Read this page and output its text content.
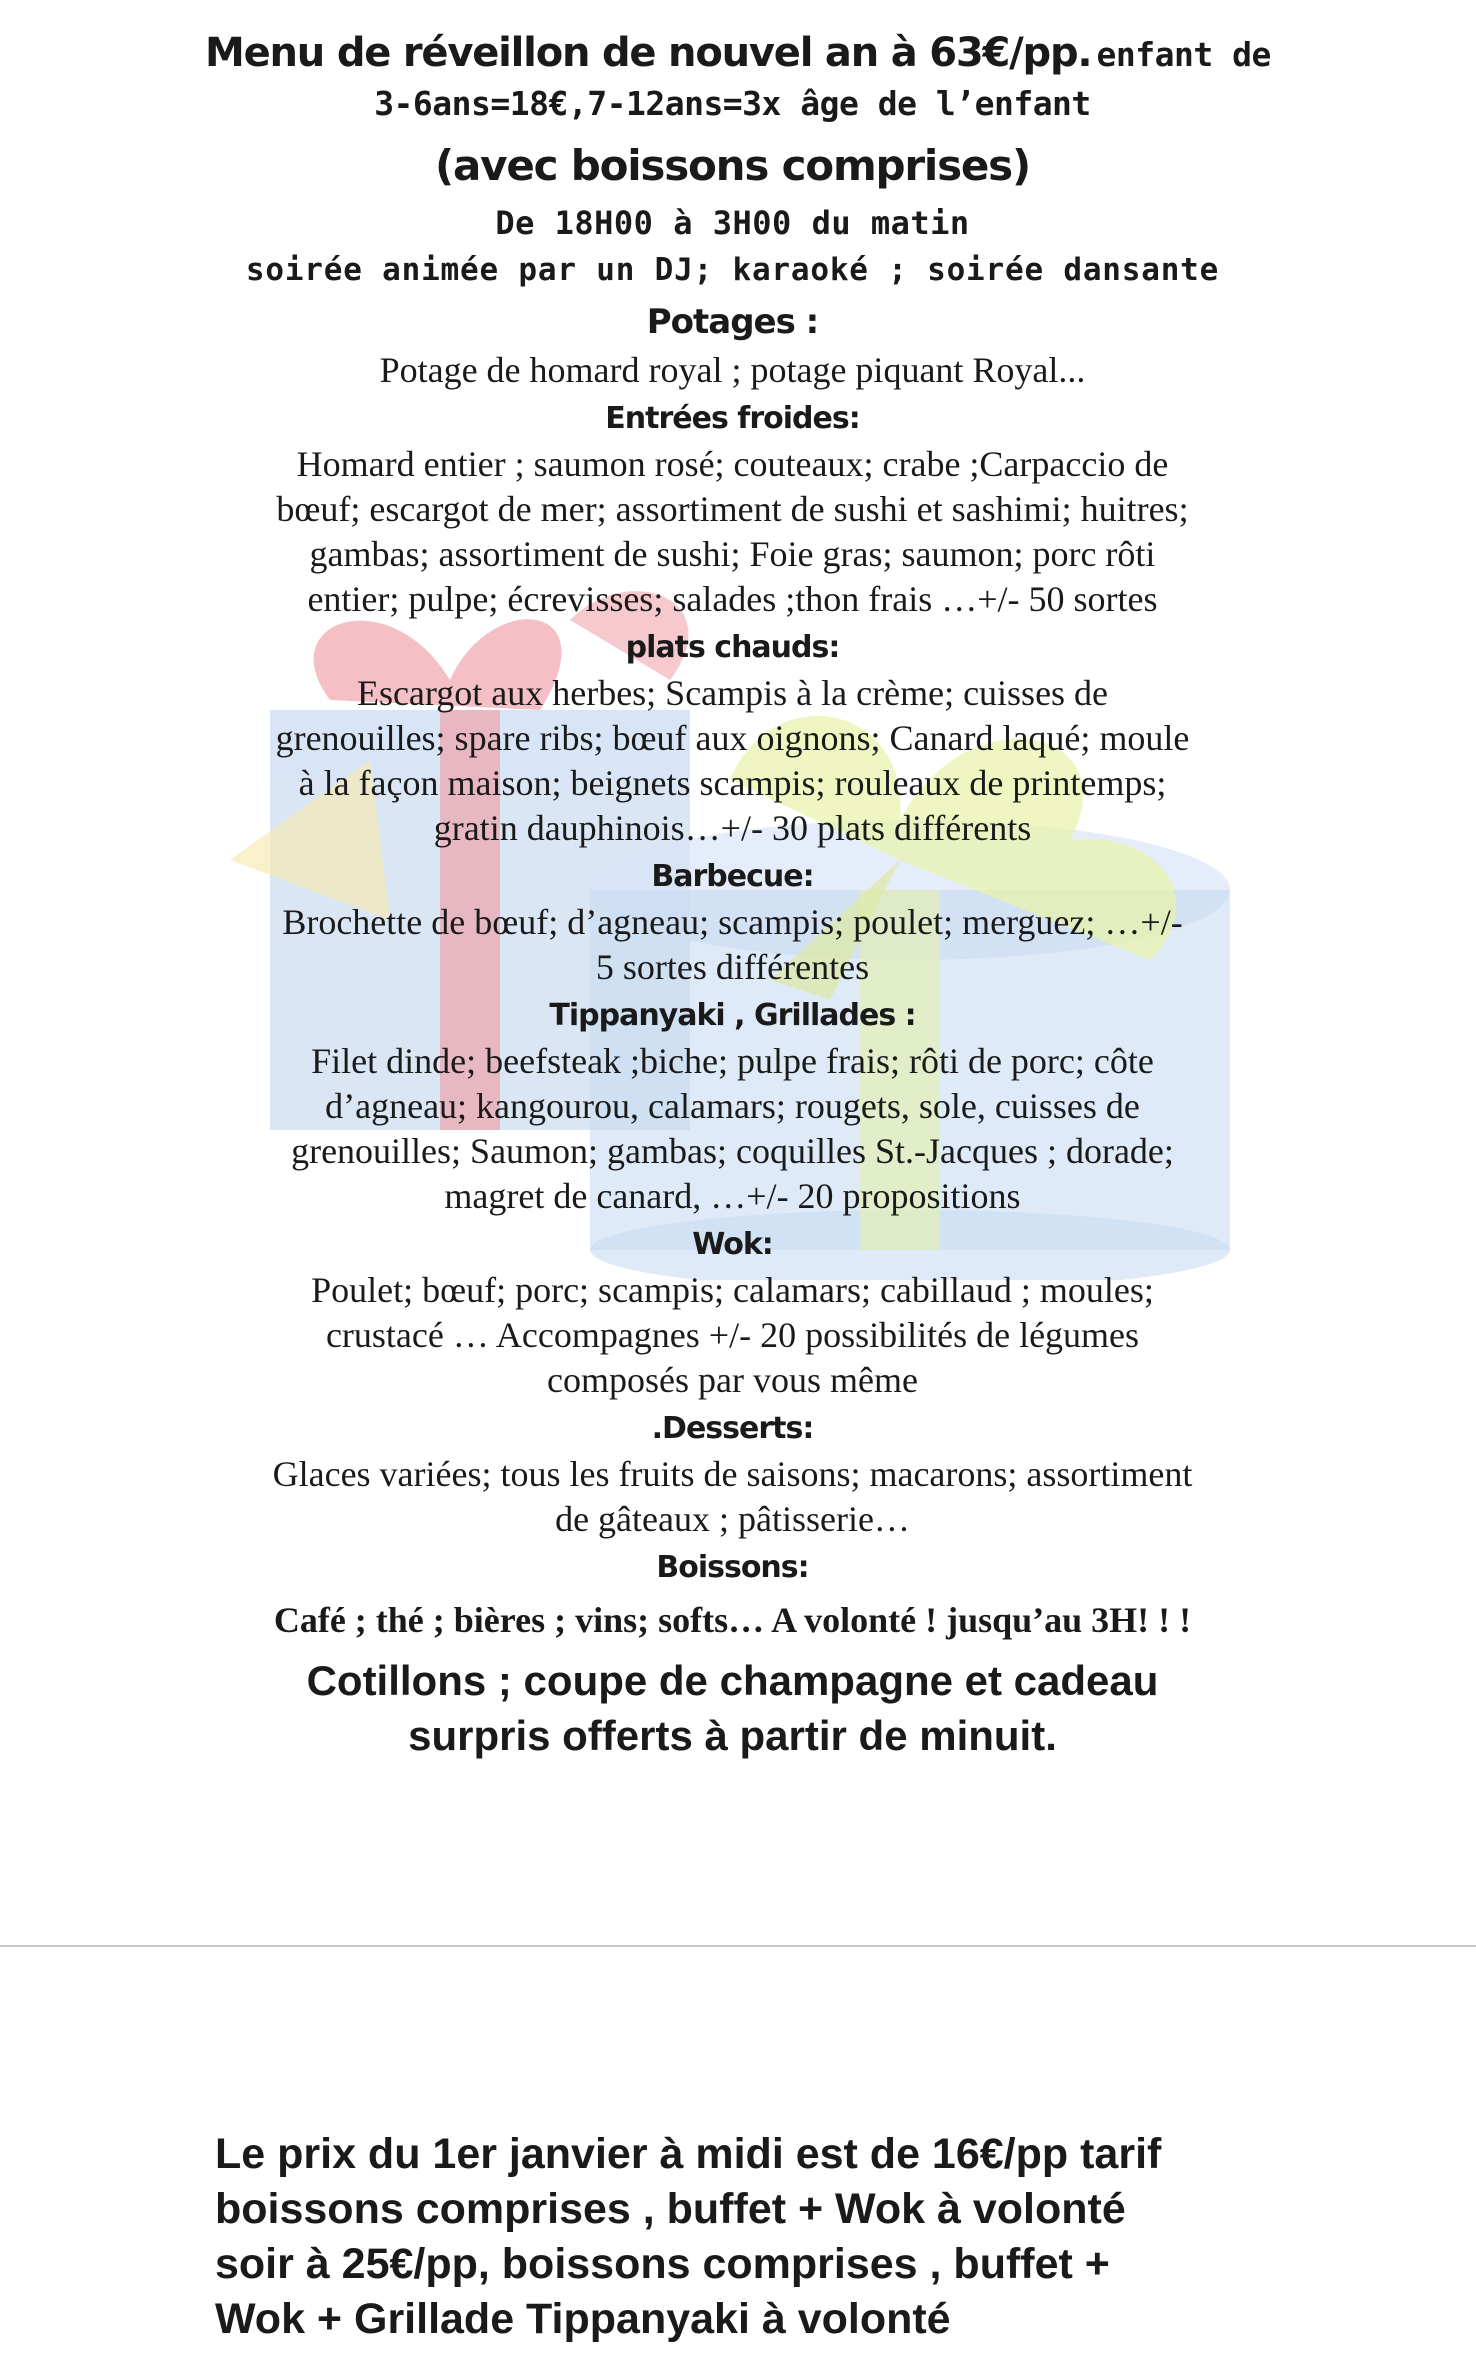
Menu de réveillon de nouvel an à 63€/pp. enfant de
3-6ans=18€,7-12ans=3x âge de l’enfant
(avec boissons comprises)
De 18H00 à 3H00 du matin
soirée animée par un DJ; karaoké ; soirée dansante
Potages :
Potage de homard royal ; potage piquant Royal...
Entrées froides:
Homard entier ; saumon rosé; couteaux; crabe ;Carpaccio de
bœuf; escargot de mer; assortiment de sushi et sashimi; huitres;
gambas; assortiment de sushi; Foie gras; saumon; porc rôti
entier; pulpe; écrevisses; salades ;thon frais …+/- 50 sortes
plats chauds:
Escargot aux herbes; Scampis à la crème; cuisses de
grenouilles; spare ribs; bœuf aux oignons; Canard laqué; moule
à la façon maison; beignets scampis; rouleaux de printemps;
gratin dauphinois…+/- 30 plats différents
Barbecue:
Brochette de bœuf; d’agneau; scampis; poulet; merguez; …+/-
5 sortes différentes
Tippanyaki , Grillades :
Filet dinde; beefsteak ;biche; pulpe frais; rôti de porc; côte
d’agneau; kangourou, calamars; rougets, sole, cuisses de
grenouilles; Saumon; gambas; coquilles St.-Jacques ; dorade;
magret de canard, …+/- 20 propositions
Wok:
Poulet; bœuf; porc; scampis; calamars; cabillaud ; moules;
crustacé … Accompagnes +/- 20 possibilités de légumes
composés par vous même
.Desserts:
Glaces variées; tous les fruits de saisons; macarons; assortiment
de gâteaux ; pâtisserie…
Boissons:
Café ; thé ; bières ; vins; softs… A volonté ! jusqu’au 3H! ! !
Cotillons ; coupe de champagne et cadeau
surpris offerts à partir de minuit.
Le prix du 1er janvier à midi est de 16€/pp tarif
boissons comprises , buffet + Wok à volonté
soir à 25€/pp, boissons comprises , buffet +
Wok + Grillade Tippanyaki à volonté
